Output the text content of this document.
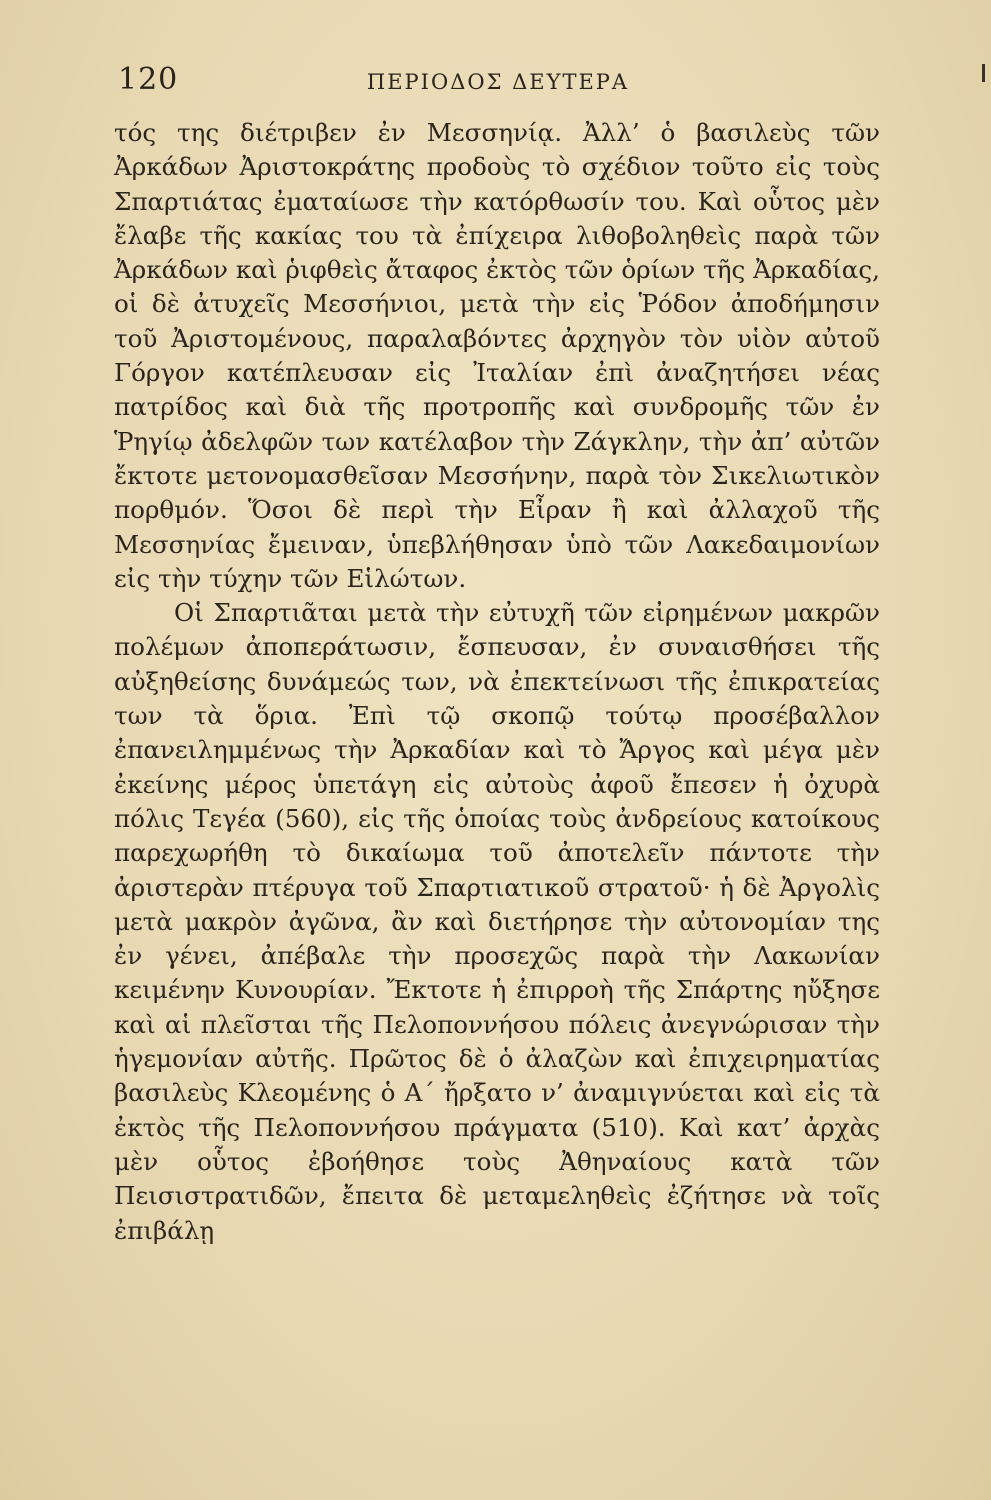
120	ΠΕΡΙΟΔΟΣ ΔΕΥΤΕΡΑ

τός της διέτριβεν ἐν Μεσσηνίᾳ. Ἀλλ’ ὁ βασιλεὺς τῶν Ἀρκάδων Ἀριστοκράτης προδοὺς τὸ σχέδιον τοῦτο εἰς τοὺς Σπαρτιάτας ἐματαίωσε τὴν κατόρθωσίν του. Καὶ οὗτος μὲν ἔλαβε τῆς κακίας του τὰ ἐπίχειρα λιθοβοληθεὶς παρὰ τῶν Ἀρκάδων καὶ ῥιφθεὶς ἄταφος ἐκτὸς τῶν ὁρίων τῆς Ἀρκαδίας, οἱ δὲ ἀτυχεῖς Μεσσήνιοι, μετὰ τὴν εἰς Ῥόδον ἀποδήμησιν τοῦ Ἀριστομένους, παραλαβόντες ἀρχηγὸν τὸν υἱὸν αὐτοῦ Γόργον κατέπλευσαν εἰς Ἰταλίαν ἐπὶ ἀναζητήσει νέας πατρίδος καὶ διὰ τῆς προτροπῆς καὶ συνδρομῆς τῶν ἐν Ῥηγίῳ ἀδελφῶν των κατέλαβον τὴν Ζάγκλην, τὴν ἀπ’ αὐτῶν ἔκτοτε μετονομασθεῖσαν Μεσσήνην, παρὰ τὸν Σικελιωτικὸν πορθμόν. Ὅσοι δὲ περὶ τὴν Εἶραν ἢ καὶ ἀλλαχοῦ τῆς Μεσσηνίας ἔμειναν, ὑπεβλήθησαν ὑπὸ τῶν Λακεδαιμονίων εἰς τὴν τύχην τῶν Εἱλώτων.

Οἱ Σπαρτιᾶται μετὰ τὴν εὐτυχῆ τῶν εἰρημένων μακρῶν πολέμων ἀποπεράτωσιν, ἔσπευσαν, ἐν συναισθήσει τῆς αὐξηθείσης δυνάμεώς των, νὰ ἐπεκτείνωσι τῆς ἐπικρατείας των τὰ ὅρια. Ἐπὶ τῷ σκοπῷ τούτῳ προσέβαλλον ἐπανειλημμένως τὴν Ἀρκαδίαν καὶ τὸ Ἄργος καὶ μέγα μὲν ἐκείνης μέρος ὑπετάγη εἰς αὐτοὺς ἀφοῦ ἔπεσεν ἡ ὀχυρὰ πόλις Τεγέα (560), εἰς τῆς ὁποίας τοὺς ἀνδρείους κατοίκους παρεχωρήθη τὸ δικαίωμα τοῦ ἀποτελεῖν πάντοτε τὴν ἀριστερὰν πτέρυγα τοῦ Σπαρτιατικοῦ στρατοῦ· ἡ δὲ Ἀργολὶς μετὰ μακρὸν ἀγῶνα, ἂν καὶ διετήρησε τὴν αὐτονομίαν της ἐν γένει, ἀπέβαλε τὴν προσεχῶς παρὰ τὴν Λακωνίαν κειμένην Κυνουρίαν. Ἔκτοτε ἡ ἐπιρροὴ τῆς Σπάρτης ηὔξησε καὶ αἱ πλεῖσται τῆς Πελοποννήσου πόλεις ἀνεγνώρισαν τὴν ἡγεμονίαν αὐτῆς. Πρῶτος δὲ ὁ ἀλαζὼν καὶ ἐπιχειρηματίας βασιλεὺς Κλεομένης ὁ Α΄ ἤρξατο ν’ ἀναμιγνύεται καὶ εἰς τὰ ἐκτὸς τῆς Πελοποννήσου πράγματα (510). Καὶ κατ’ ἀρχὰς μὲν οὗτος ἐβοήθησε τοὺς Ἀθηναίους κατὰ τῶν Πεισιστρατιδῶν, ἔπειτα δὲ μεταμεληθεὶς ἐζήτησε νὰ τοῖς ἐπιβάλῃ
